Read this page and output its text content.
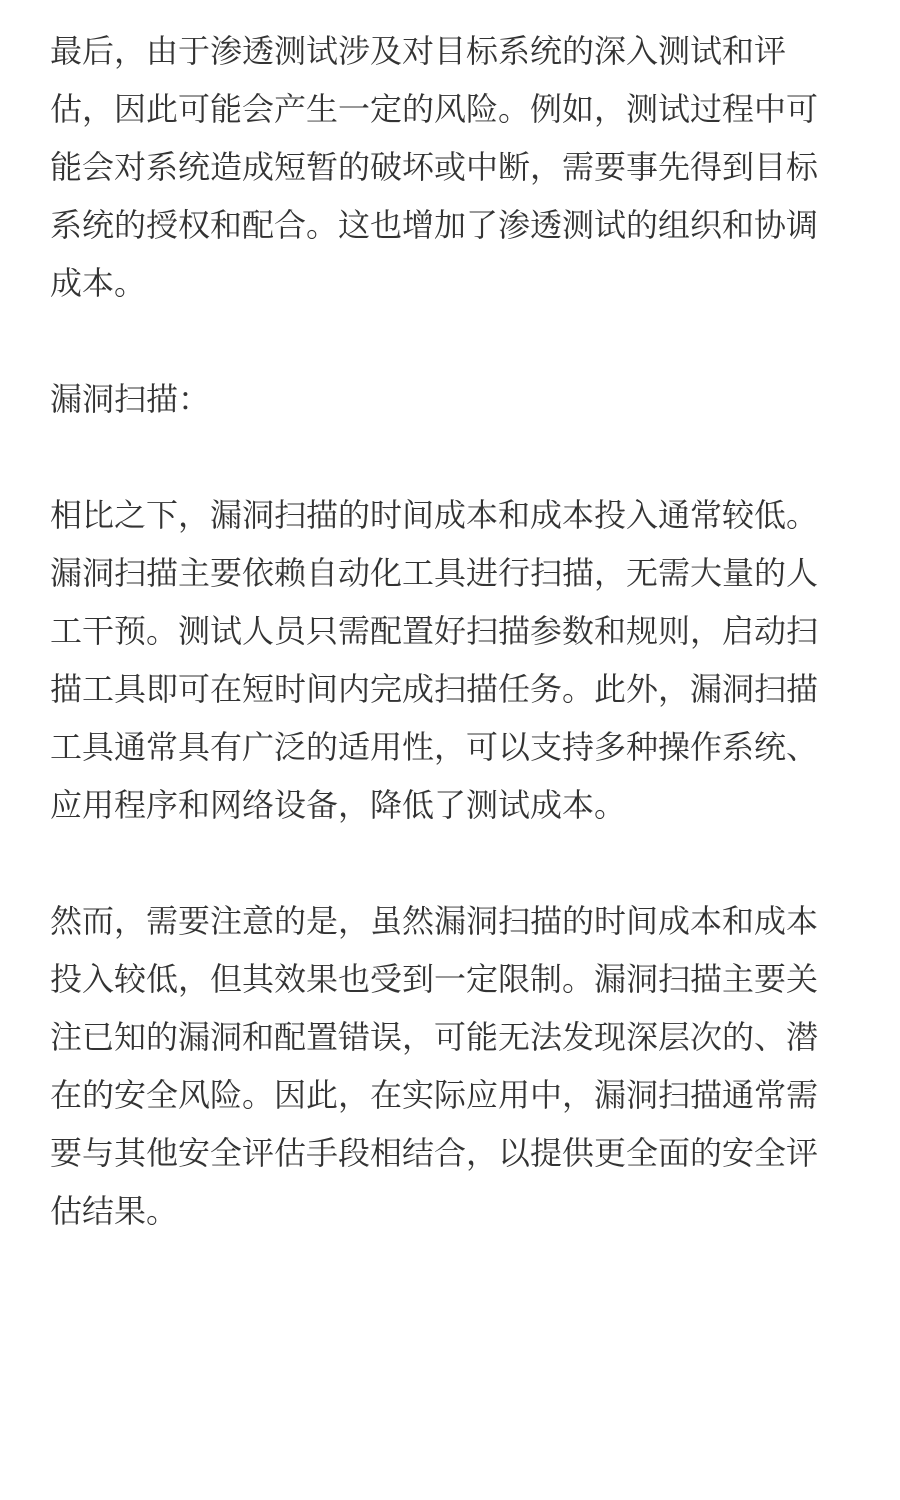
最后，由于渗透测试涉及对目标系统的深入测试和评估，因此可能会产生一定的风险。例如，测试过程中可能会对系统造成短暂的破坏或中断，需要事先得到目标系统的授权和配合。这也增加了渗透测试的组织和协调成本。

漏洞扫描：

相比之下，漏洞扫描的时间成本和成本投入通常较低。漏洞扫描主要依赖自动化工具进行扫描，无需大量的人工干预。测试人员只需配置好扫描参数和规则，启动扫描工具即可在短时间内完成扫描任务。此外，漏洞扫描工具通常具有广泛的适用性，可以支持多种操作系统、应用程序和网络设备，降低了测试成本。

然而，需要注意的是，虽然漏洞扫描的时间成本和成本投入较低，但其效果也受到一定限制。漏洞扫描主要关注已知的漏洞和配置错误，可能无法发现深层次的、潜在的安全风险。因此，在实际应用中，漏洞扫描通常需要与其他安全评估手段相结合，以提供更全面的安全评估结果。
